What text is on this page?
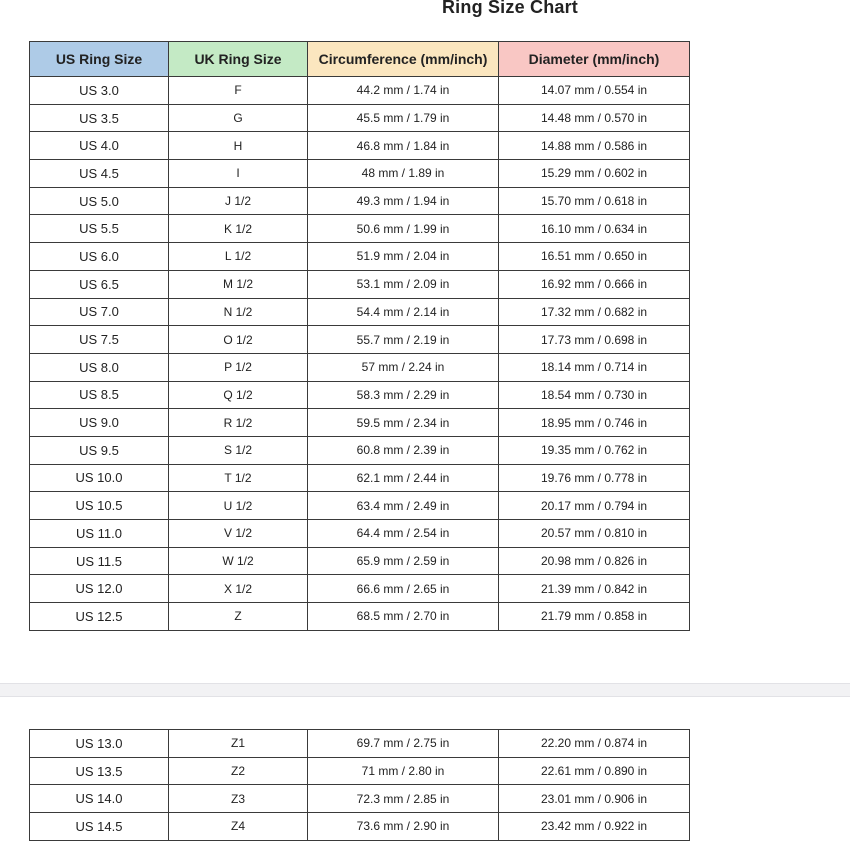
Ring Size Chart
US Ring Size	UK Ring Size	Circumference (mm/inch)	Diameter (mm/inch)
US 3.0	F	44.2 mm / 1.74 in	14.07 mm / 0.554 in
US 3.5	G	45.5 mm / 1.79 in	14.48 mm / 0.570 in
US 4.0	H	46.8 mm / 1.84 in	14.88 mm / 0.586 in
US 4.5	I	48 mm / 1.89 in	15.29 mm / 0.602 in
US 5.0	J 1/2	49.3 mm / 1.94 in	15.70 mm / 0.618 in
US 5.5	K 1/2	50.6 mm / 1.99 in	16.10 mm / 0.634 in
US 6.0	L 1/2	51.9 mm / 2.04 in	16.51 mm / 0.650 in
US 6.5	M 1/2	53.1 mm / 2.09 in	16.92 mm / 0.666 in
US 7.0	N 1/2	54.4 mm / 2.14 in	17.32 mm / 0.682 in
US 7.5	O 1/2	55.7 mm / 2.19 in	17.73 mm / 0.698 in
US 8.0	P 1/2	57 mm / 2.24 in	18.14 mm / 0.714 in
US 8.5	Q 1/2	58.3 mm / 2.29 in	18.54 mm / 0.730 in
US 9.0	R 1/2	59.5 mm / 2.34 in	18.95 mm / 0.746 in
US 9.5	S 1/2	60.8 mm / 2.39 in	19.35 mm / 0.762 in
US 10.0	T 1/2	62.1 mm / 2.44 in	19.76 mm / 0.778 in
US 10.5	U 1/2	63.4 mm / 2.49 in	20.17 mm / 0.794 in
US 11.0	V 1/2	64.4 mm / 2.54 in	20.57 mm / 0.810 in
US 11.5	W 1/2	65.9 mm / 2.59 in	20.98 mm / 0.826 in
US 12.0	X 1/2	66.6 mm / 2.65 in	21.39 mm / 0.842 in
US 12.5	Z	68.5 mm / 2.70 in	21.79 mm / 0.858 in
US 13.0	Z1	69.7 mm / 2.75 in	22.20 mm / 0.874 in
US 13.5	Z2	71 mm / 2.80 in	22.61 mm / 0.890 in
US 14.0	Z3	72.3 mm / 2.85 in	23.01 mm / 0.906 in
US 14.5	Z4	73.6 mm / 2.90 in	23.42 mm / 0.922 in
